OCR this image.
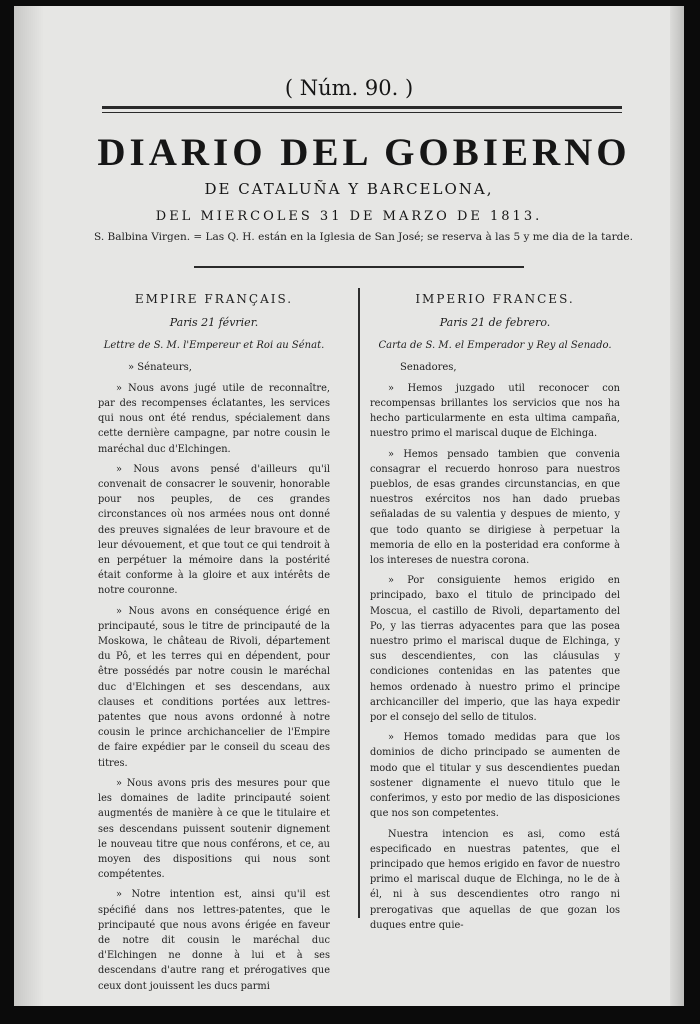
( Núm. 90. )
DIARIO DEL GOBIERNO
DE CATALUÑA Y BARCELONA,
DEL MIERCOLES 31 DE MARZO DE 1813.
S. Balbina Virgen. = Las Q. H. están en la Iglesia de San José; se reserva à las 5 y me dia de la tarde.
EMPIRE FRANÇAIS.
Paris 21 février.
Lettre de S. M. l'Empereur et Roi au Sénat.
» Sénateurs,

» Nous avons jugé utile de reconnaître, par des recompenses éclatantes, les services qui nous ont été rendus, spécialement dans cette dernière campagne, par notre cousin le maréchal duc d'Elchingen.

» Nous avons pensé d'ailleurs qu'il convenait de consacrer le souvenir, honorable pour nos peuples, de ces grandes circonstances où nos armées nous ont donné des preuves signalées de leur bravoure et de leur dévouement, et que tout ce qui tendroit à en perpétuer la mémoire dans la postérité était conforme à la gloire et aux intérêts de notre couronne.

» Nous avons en conséquence érigé en principauté, sous le titre de principauté de la Moskowa, le château de Rivoli, département du Pô, et les terres qui en dépendent, pour être possédés par notre cousin le maréchal duc d'Elchingen et ses descendans, aux clauses et conditions portées aux lettres-patentes que nous avons ordonné à notre cousin le prince archichancelier de l'Empire de faire expédier par le conseil du sceau des titres.

» Nous avons pris des mesures pour que les domaines de ladite principauté soient augmentés de manière à ce que le titulaire et ses descendans puissent soutenir dignement le nouveau titre que nous conférons, et ce, au moyen des dispositions qui nous sont compétentes.

» Notre intention est, ainsi qu'il est spécifié dans nos lettres-patentes, que le principauté que nous avons érigée en faveur de notre dit cousin le maréchal duc d'Elchingen ne donne à lui et à ses descendans d'autre rang et prérogatives que ceux dont jouissent les ducs parmi

IMPERIO FRANCES.
Paris 21 de febrero.
Carta de S. M. el Emperador y Rey al Senado.
Senadores,

» Hemos juzgado util reconocer con recompensas brillantes los servicios que nos ha hecho particularmente en esta ultima campaña, nuestro primo el mariscal duque de Elchinga.

» Hemos pensado tambien que convenia consagrar el recuerdo honroso para nuestros pueblos, de esas grandes circunstancias, en que nuestros exércitos nos han dado pruebas señaladas de su valentia y despues de miento, y que todo quanto se dirigiese à perpetuar la memoria de ello en la posteridad era conforme à los intereses de nuestra corona.

» Por consiguiente hemos erigido en principado, baxo el titulo de principado del Moscua, el castillo de Rivoli, departamento del Po, y las tierras adyacentes para que las posea nuestro primo el mariscal duque de Elchinga, y sus descendientes, con las cláusulas y condiciones contenidas en las patentes que hemos ordenado à nuestro primo el principe archicanciller del imperio, que las haya expedir por el consejo del sello de titulos.

» Hemos tomado medidas para que los dominios de dicho principado se aumenten de modo que el titular y sus descendientes puedan sostener dignamente el nuevo titulo que le conferimos, y esto por medio de las disposiciones que nos son competentes.

Nuestra intencion es asi, como está especificado en nuestras patentes, que el principado que hemos erigido en favor de nuestro primo el mariscal duque de Elchinga, no le de à él, ni à sus descendientes otro rango ni prerogativas que aquellas de que gozan los duques entre quie-
